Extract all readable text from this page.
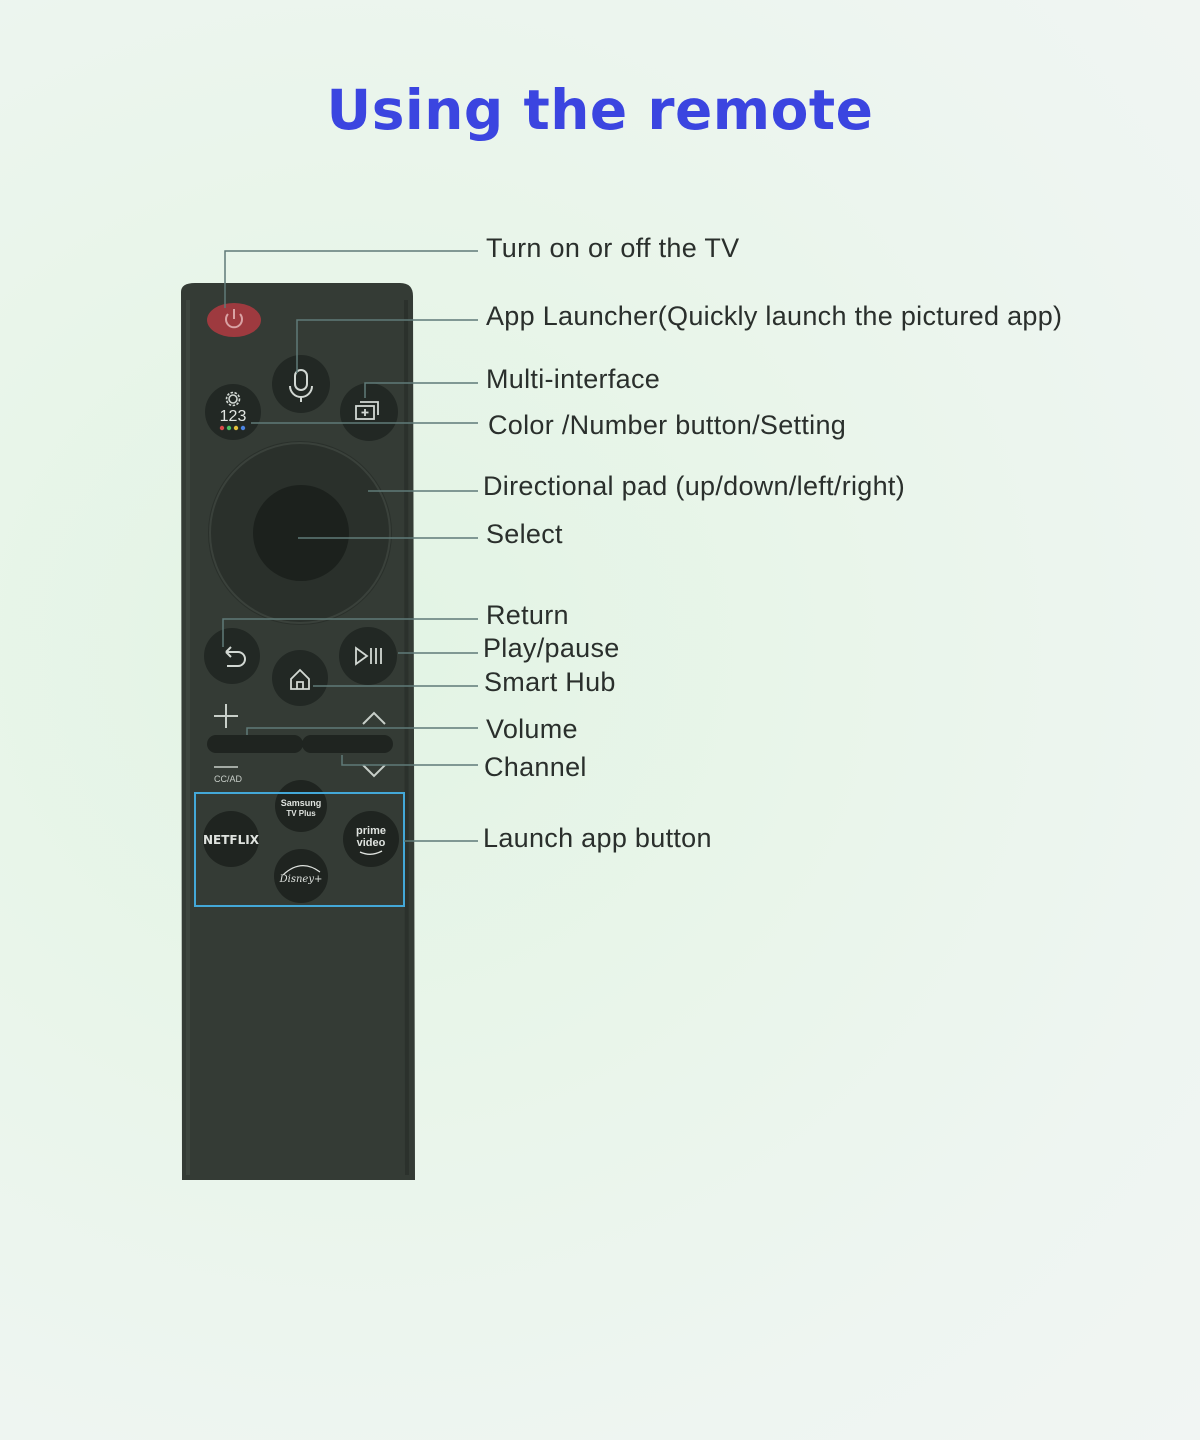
Using the remote
123
CC/AD
Samsung
TV Plus
NETFLIX
prime
video
Disney+
Turn on or off the TV
App Launcher(Quickly launch the pictured app)
Multi-interface
Color /Number button/Setting
Directional pad (up/down/left/right)
Select
Return
Play/pause
Smart Hub
Volume
Channel
Launch app button
